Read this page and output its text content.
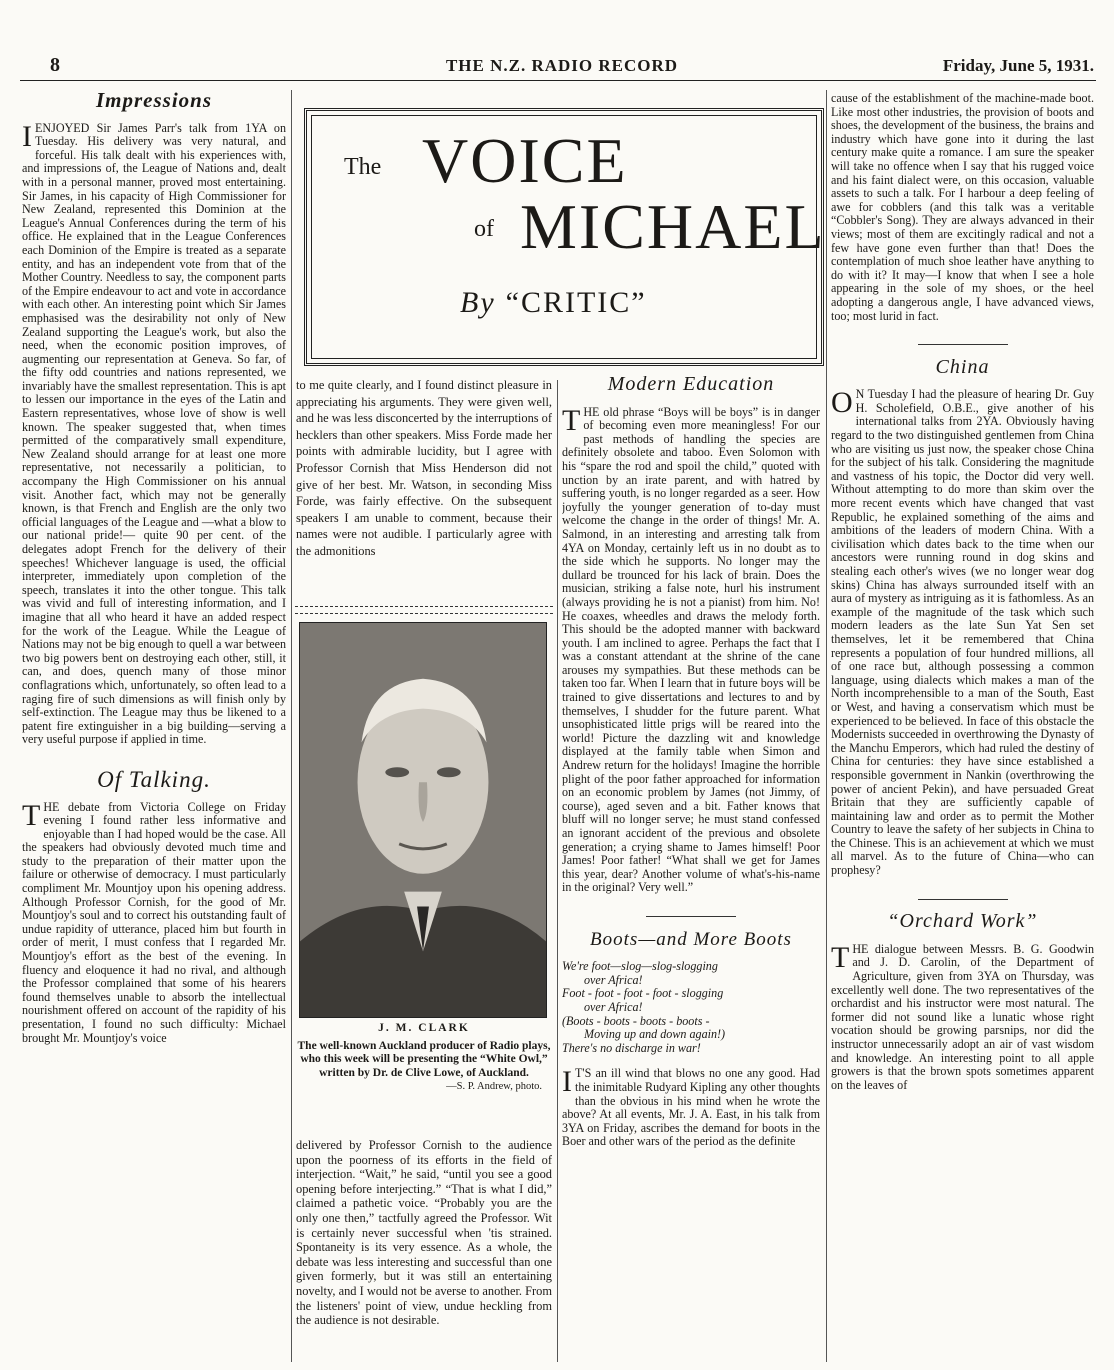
8	THE N.Z. RADIO RECORD	Friday, June 5, 1931.
Impressions

IENJOYED Sir James Parr's talk from 1YA on Tuesday. His delivery was very natural, and forceful. His talk dealt with his experiences with, and impressions of, the League of Nations and, dealt with in a personal manner, proved most entertaining. Sir James, in his capacity of High Commissioner for New Zealand, represented this Dominion at the League's Annual Conferences during the term of his office. He explained that in the League Conferences each Dominion of the Empire is treated as a separate entity, and has an independent vote from that of the Mother Country. Needless to say, the component parts of the Empire endeavour to act and vote in accordance with each other. An interesting point which Sir James emphasised was the desirability not only of New Zealand supporting the League's work, but also the need, when the economic position improves, of augmenting our representation at Geneva. So far, of the fifty odd countries and nations represented, we invariably have the smallest representation. This is apt to lessen our importance in the eyes of the Latin and Eastern representatives, whose love of show is well known. The speaker suggested that, when times permitted of the comparatively small expenditure, New Zealand should arrange for at least one more representative, not necessarily a politician, to accompany the High Commissioner on his annual visit. Another fact, which may not be generally known, is that French and English are the only two official languages of the League and —what a blow to our national pride!— quite 90 per cent. of the delegates adopt French for the delivery of their speeches! Whichever language is used, the official interpreter, immediately upon completion of the speech, translates it into the other tongue. This talk was vivid and full of interesting information, and I imagine that all who heard it have an added respect for the work of the League. While the League of Nations may not be big enough to quell a war between two big powers bent on destroying each other, still, it can, and does, quench many of those minor conflagrations which, unfortunately, so often lead to a raging fire of such dimensions as will finish only by self-extinction. The League may thus be likened to a patent fire extinguisher in a big building—serving a very useful purpose if applied in time.

Of Talking.

THE debate from Victoria College on Friday evening I found rather less informative and enjoyable than I had hoped would be the case. All the speakers had obviously devoted much time and study to the preparation of their matter upon the failure or otherwise of democracy. I must particularly compliment Mr. Mountjoy upon his opening address. Although Professor Cornish, for the good of Mr. Mountjoy's soul and to correct his outstanding fault of undue rapidity of utterance, placed him but fourth in order of merit, I must confess that I regarded Mr. Mountjoy's effort as the best of the evening. In fluency and eloquence it had no rival, and although the Professor complained that some of his hearers found themselves unable to absorb the intellectual nourishment offered on account of the rapidity of his presentation, I found no such difficulty: Michael brought Mr. Mountjoy's voice

The VOICE
of MICHAEL
By “CRITIC”

to me quite clearly, and I found distinct pleasure in appreciating his arguments. They were given well, and he was less disconcerted by the interruptions of hecklers than other speakers. Miss Forde made her points with admirable lucidity, but I agree with Professor Cornish that Miss Henderson did not give of her best. Mr. Watson, in seconding Miss Forde, was fairly effective. On the subsequent speakers I am unable to comment, because their names were not audible. I particularly agree with the admonitions

J. M. CLARK
The well-known Auckland producer of Radio plays, who this week will be presenting the “White Owl,” written by Dr. de Clive Lowe, of Auckland.
—S. P. Andrew, photo.

delivered by Professor Cornish to the audience upon the poorness of its efforts in the field of interjection. “Wait,” he said, “until you see a good opening before interjecting.” “That is what I did,” claimed a pathetic voice. “Probably you are the only one then,” tactfully agreed the Professor. Wit is certainly never successful when 'tis strained. Spontaneity is its very essence. As a whole, the debate was less interesting and successful than one given formerly, but it was still an entertaining novelty, and I would not be averse to another. From the listeners' point of view, undue heckling from the audience is not desirable.

Modern Education

THE old phrase “Boys will be boys” is in danger of becoming even more meaningless! For our past methods of handling the species are definitely obsolete and taboo. Even Solomon with his “spare the rod and spoil the child,” quoted with unction by an irate parent, and with hatred by suffering youth, is no longer regarded as a seer. How joyfully the younger generation of to-day must welcome the change in the order of things! Mr. A. Salmond, in an interesting and arresting talk from 4YA on Monday, certainly left us in no doubt as to the side which he supports. No longer may the dullard be trounced for his lack of brain. Does the musician, striking a false note, hurl his instrument (always providing he is not a pianist) from him. No! He coaxes, wheedles and draws the melody forth. This should be the adopted manner with backward youth. I am inclined to agree. Perhaps the fact that I was a constant attendant at the shrine of the cane arouses my sympathies. But these methods can be taken too far. When I learn that in future boys will be trained to give dissertations and lectures to and by themselves, I shudder for the future parent. What unsophisticated little prigs will be reared into the world! Picture the dazzling wit and knowledge displayed at the family table when Simon and Andrew return for the holidays! Imagine the horrible plight of the poor father approached for information on an economic problem by James (not Jimmy, of course), aged seven and a bit. Father knows that bluff will no longer serve; he must stand confessed an ignorant accident of the previous and obsolete generation; a crying shame to James himself! Poor James! Poor father! “What shall we get for James this year, dear? Another volume of what's-his-name in the original? Very well.”

Boots—and More Boots
We're foot—slog—slog-slogging
over Africa!
Foot - foot - foot - foot - slogging
over Africa!
(Boots - boots - boots - boots -
Moving up and down again!)
There's no discharge in war!

I T'S an ill wind that blows no one any good. Had the inimitable Rudyard Kipling any other thoughts than the obvious in his mind when he wrote the above? At all events, Mr. J. A. East, in his talk from 3YA on Friday, ascribes the demand for boots in the Boer and other wars of the period as the definite

cause of the establishment of the machine-made boot. Like most other industries, the provision of boots and shoes, the development of the business, the brains and industry which have gone into it during the last century make quite a romance. I am sure the speaker will take no offence when I say that his rugged voice and his faint dialect were, on this occasion, valuable assets to such a talk. For I harbour a deep feeling of awe for cobblers (and this talk was a veritable “Cobbler's Song). They are always advanced in their views; most of them are excitingly radical and not a few have gone even further than that! Does the contemplation of much shoe leather have anything to do with it? It may—I know that when I see a hole appearing in the sole of my shoes, or the heel adopting a dangerous angle, I have advanced views, too; most lurid in fact.

China

O N Tuesday I had the pleasure of hearing Dr. Guy H. Scholefield, O.B.E., give another of his international talks from 2YA. Obviously having regard to the two distinguished gentlemen from China who are visiting us just now, the speaker chose China for the subject of his talk. Considering the magnitude and vastness of his topic, the Doctor did very well. Without attempting to do more than skim over the more recent events which have changed that vast Republic, he explained something of the aims and ambitions of the leaders of modern China. With a civilisation which dates back to the time when our ancestors were running round in dog skins and stealing each other's wives (we no longer wear dog skins) China has always surrounded itself with an aura of mystery as intriguing as it is fathomless. As an example of the magnitude of the task which such modern leaders as the late Sun Yat Sen set themselves, let it be remembered that China represents a population of four hundred millions, all of one race but, although possessing a common language, using dialects which makes a man of the North incomprehensible to a man of the South, East or West, and having a conservatism which must be experienced to be believed. In face of this obstacle the Modernists succeeded in overthrowing the Dynasty of the Manchu Emperors, which had ruled the destiny of China for centuries: they have since established a responsible government in Nankin (overthrowing the power of ancient Pekin), and have persuaded Great Britain that they are sufficiently capable of maintaining law and order as to permit the Mother Country to leave the safety of her subjects in China to the Chinese. This is an achievement at which we must all marvel. As to the future of China—who can prophesy?

“Orchard Work”

THE dialogue between Messrs. B. G. Goodwin and J. D. Carolin, of the Department of Agriculture, given from 3YA on Thursday, was excellently well done. The two representatives of the orchardist and his instructor were most natural. The former did not sound like a lunatic whose right vocation should be growing parsnips, nor did the instructor unnecessarily adopt an air of vast wisdom and knowledge. An interesting point to all apple growers is that the brown spots sometimes apparent on the leaves of
